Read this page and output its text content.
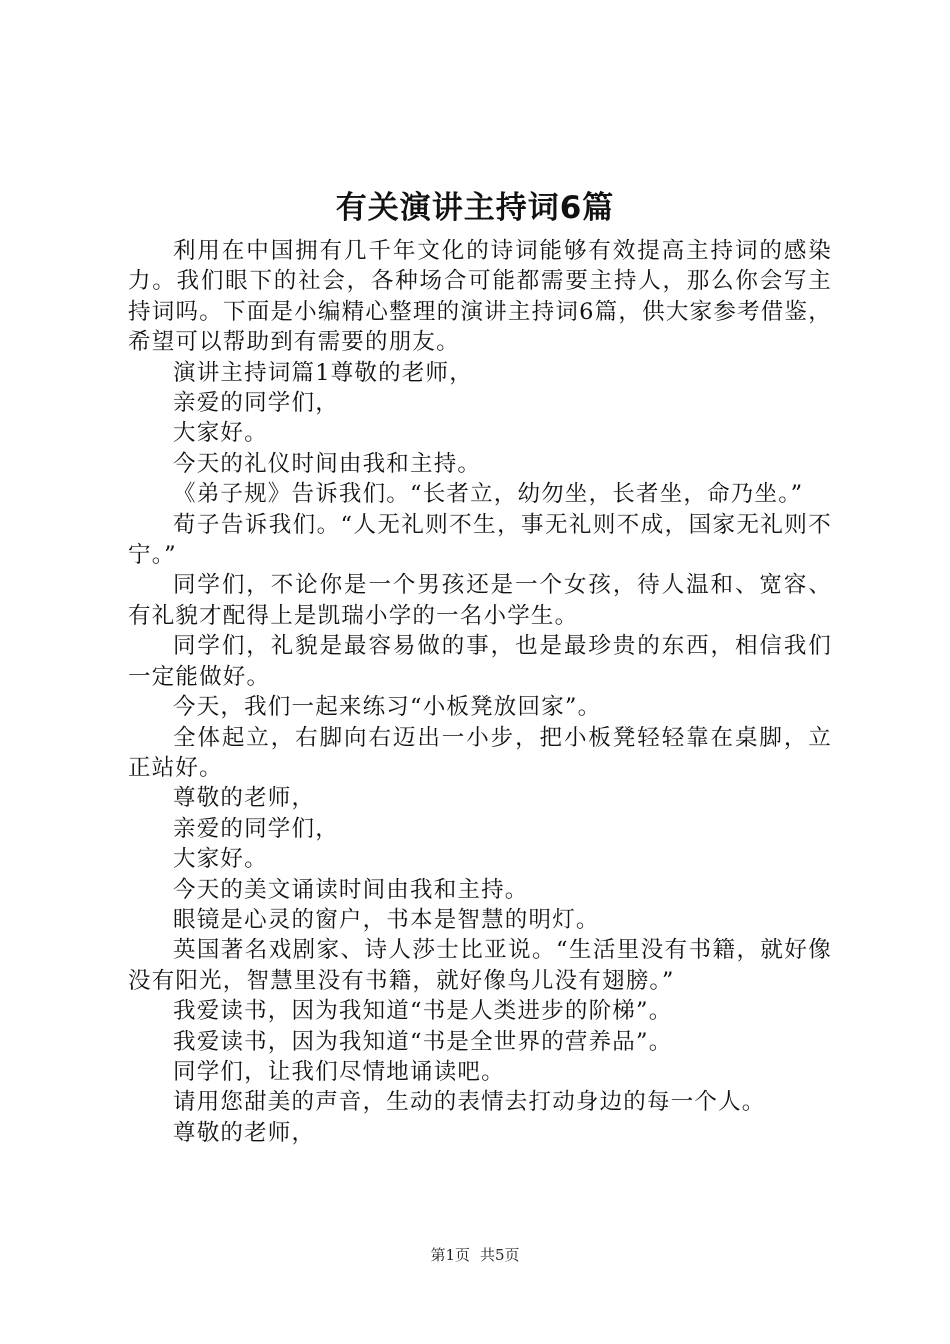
有关演讲主持词6篇

利用在中国拥有几千年文化的诗词能够有效提高主持词的感染力。我们眼下的社会，各种场合可能都需要主持人，那么你会写主持词吗。下面是小编精心整理的演讲主持词6篇，供大家参考借鉴，希望可以帮助到有需要的朋友。

演讲主持词篇1尊敬的老师，

亲爱的同学们，

大家好。

今天的礼仪时间由我和主持。

《弟子规》告诉我们。“长者立，幼勿坐，长者坐，命乃坐。”

荀子告诉我们。“人无礼则不生，事无礼则不成，国家无礼则不宁。”

同学们，不论你是一个男孩还是一个女孩，待人温和、宽容、有礼貌才配得上是凯瑞小学的一名小学生。

同学们，礼貌是最容易做的事，也是最珍贵的东西，相信我们一定能做好。

今天，我们一起来练习“小板凳放回家”。

全体起立，右脚向右迈出一小步，把小板凳轻轻靠在桌脚，立正站好。

尊敬的老师，

亲爱的同学们，

大家好。

今天的美文诵读时间由我和主持。

眼镜是心灵的窗户，书本是智慧的明灯。

英国著名戏剧家、诗人莎士比亚说。“生活里没有书籍，就好像没有阳光，智慧里没有书籍，就好像鸟儿没有翅膀。”

我爱读书，因为我知道“书是人类进步的阶梯”。

我爱读书，因为我知道“书是全世界的营养品”。

同学们，让我们尽情地诵读吧。

请用您甜美的声音，生动的表情去打动身边的每一个人。

尊敬的老师，

第1页 共5页
